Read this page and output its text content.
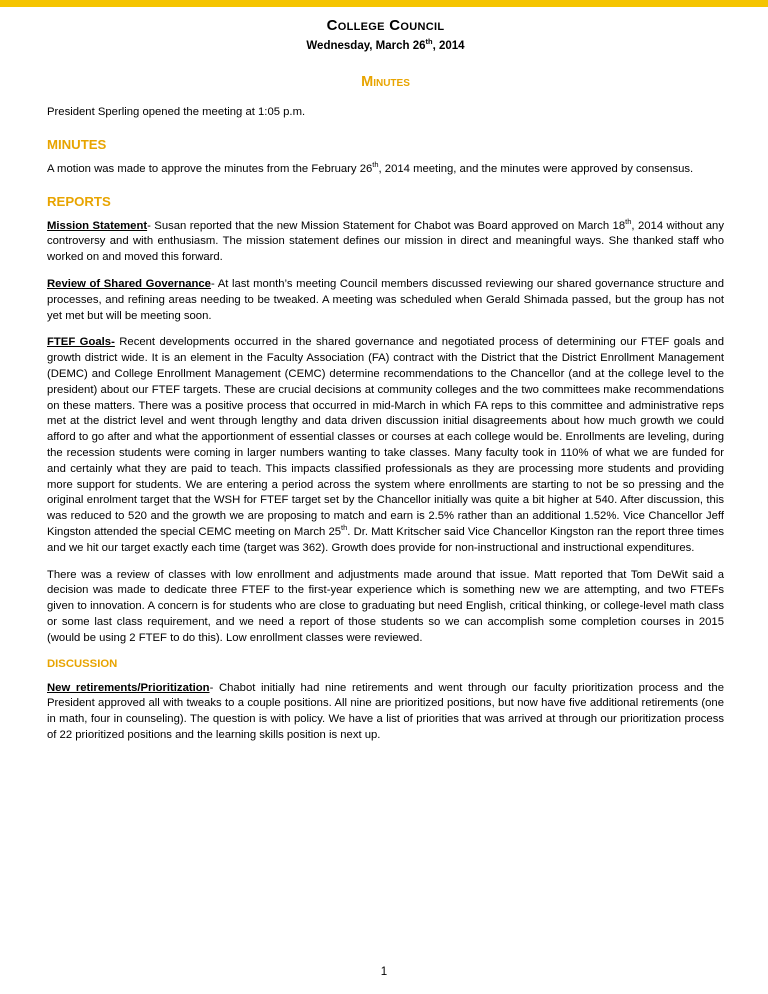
College Council
Wednesday, March 26th, 2014
Minutes

President Sperling opened the meeting at 1:05 p.m.

MINUTES

A motion was made to approve the minutes from the February 26th, 2014 meeting, and the minutes were approved by consensus.

REPORTS

Mission Statement- Susan reported that the new Mission Statement for Chabot was Board approved on March 18th, 2014 without any controversy and with enthusiasm. The mission statement defines our mission in direct and meaningful ways. She thanked staff who worked on and moved this forward.

Review of Shared Governance- At last month’s meeting Council members discussed reviewing our shared governance structure and processes, and refining areas needing to be tweaked. A meeting was scheduled when Gerald Shimada passed, but the group has not yet met but will be meeting soon.

FTEF Goals- Recent developments occurred in the shared governance and negotiated process of determining our FTEF goals and growth district wide. It is an element in the Faculty Association (FA) contract with the District that the District Enrollment Management (DEMC) and College Enrollment Management (CEMC) determine recommendations to the Chancellor (and at the college level to the president) about our FTEF targets. These are crucial decisions at community colleges and the two committees make recommendations on these matters. There was a positive process that occurred in mid-March in which FA reps to this committee and administrative reps met at the district level and went through lengthy and data driven discussion initial disagreements about how much growth we could afford to go after and what the apportionment of essential classes or courses at each college would be. Enrollments are leveling, during the recession students were coming in larger numbers wanting to take classes. Many faculty took in 110% of what we are funded for and certainly what they are paid to teach. This impacts classified professionals as they are processing more students and providing more support for students. We are entering a period across the system where enrollments are starting to not be so pressing and the original enrolment target that the WSH for FTEF target set by the Chancellor initially was quite a bit higher at 540. After discussion, this was reduced to 520 and the growth we are proposing to match and earn is 2.5% rather than an additional 1.52%. Vice Chancellor Jeff Kingston attended the special CEMC meeting on March 25th. Dr. Matt Kritscher said Vice Chancellor Kingston ran the report three times and we hit our target exactly each time (target was 362). Growth does provide for non-instructional and instructional expenditures.

There was a review of classes with low enrollment and adjustments made around that issue. Matt reported that Tom DeWit said a decision was made to dedicate three FTEF to the first-year experience which is something new we are attempting, and two FTEFs given to innovation. A concern is for students who are close to graduating but need English, critical thinking, or college-level math class or some last class requirement, and we need a report of those students so we can accomplish some completion courses in 2015 (would be using 2 FTEF to do this). Low enrollment classes were reviewed.

DISCUSSION

New retirements/Prioritization- Chabot initially had nine retirements and went through our faculty prioritization process and the President approved all with tweaks to a couple positions. All nine are prioritized positions, but now have five additional retirements (one in math, four in counseling). The question is with policy. We have a list of priorities that was arrived at through our prioritization process of 22 prioritized positions and the learning skills position is next up.

1
